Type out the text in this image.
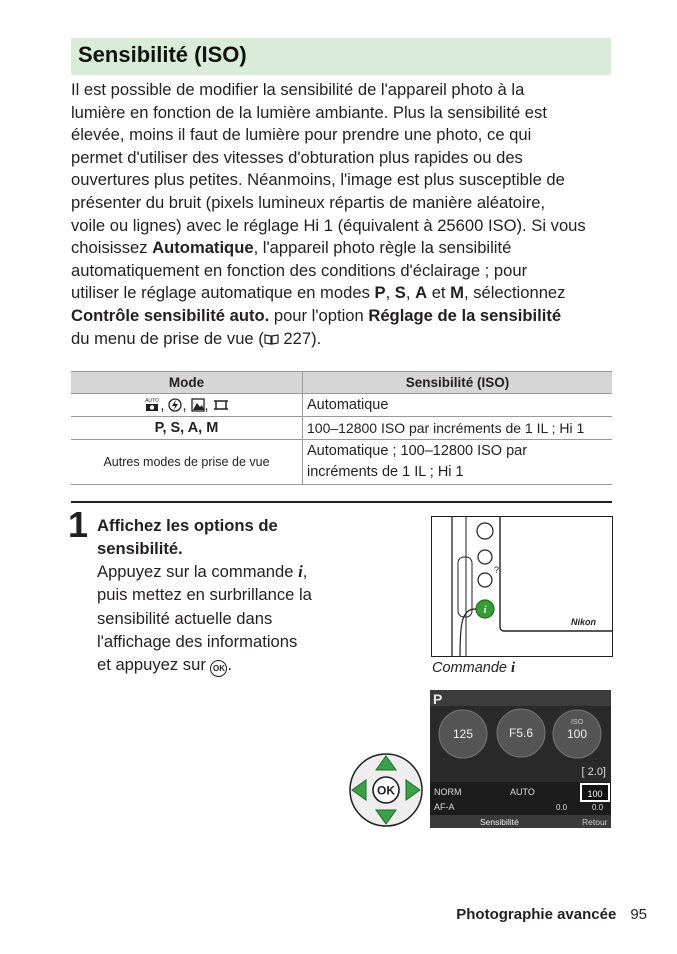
Sensibilité (ISO)

Il est possible de modifier la sensibilité de l'appareil photo à la

lumière en fonction de la lumière ambiante. Plus la sensibilité est

élevée, moins il faut de lumière pour prendre une photo, ce qui

permet d'utiliser des vitesses d'obturation plus rapides ou des

ouvertures plus petites. Néanmoins, l'image est plus susceptible de

présenter du bruit (pixels lumineux répartis de manière aléatoire,

voile ou lignes) avec le réglage Hi 1 (équivalent à 25600 ISO). Si vous

choisissez Automatique, l'appareil photo règle la sensibilité

automatiquement en fonction des conditions d'éclairage ; pour

utiliser le réglage automatique en modes P, S, A et M, sélectionnez

Contrôle sensibilité auto. pour l'option Réglage de la sensibilité

du menu de prise de vue ( 227).

Mode	Sensibilité (ISO)

AUTO , , ,	Automatique
P, S, A, M	100–12800 ISO par incréments de 1 IL ; Hi 1
Autres modes de prise de vue	Automatique ; 100–12800 ISO par
incréments de 1 IL ; Hi 1
1 Affichez les options de
sensibilité.

Appuyez sur la commande i,

puis mettez en surbrillance la

sensibilité actuelle dans

l'affichage des informations

et appuyez sur OK .

?
i
Nikon
Commande i
OK
P
125	F5.6
ISO
100
[ 2.0]
NORM	AUTO	100
AF-A	0.0	0.0
Sensibilité	Retour
Photographie avancée 95
